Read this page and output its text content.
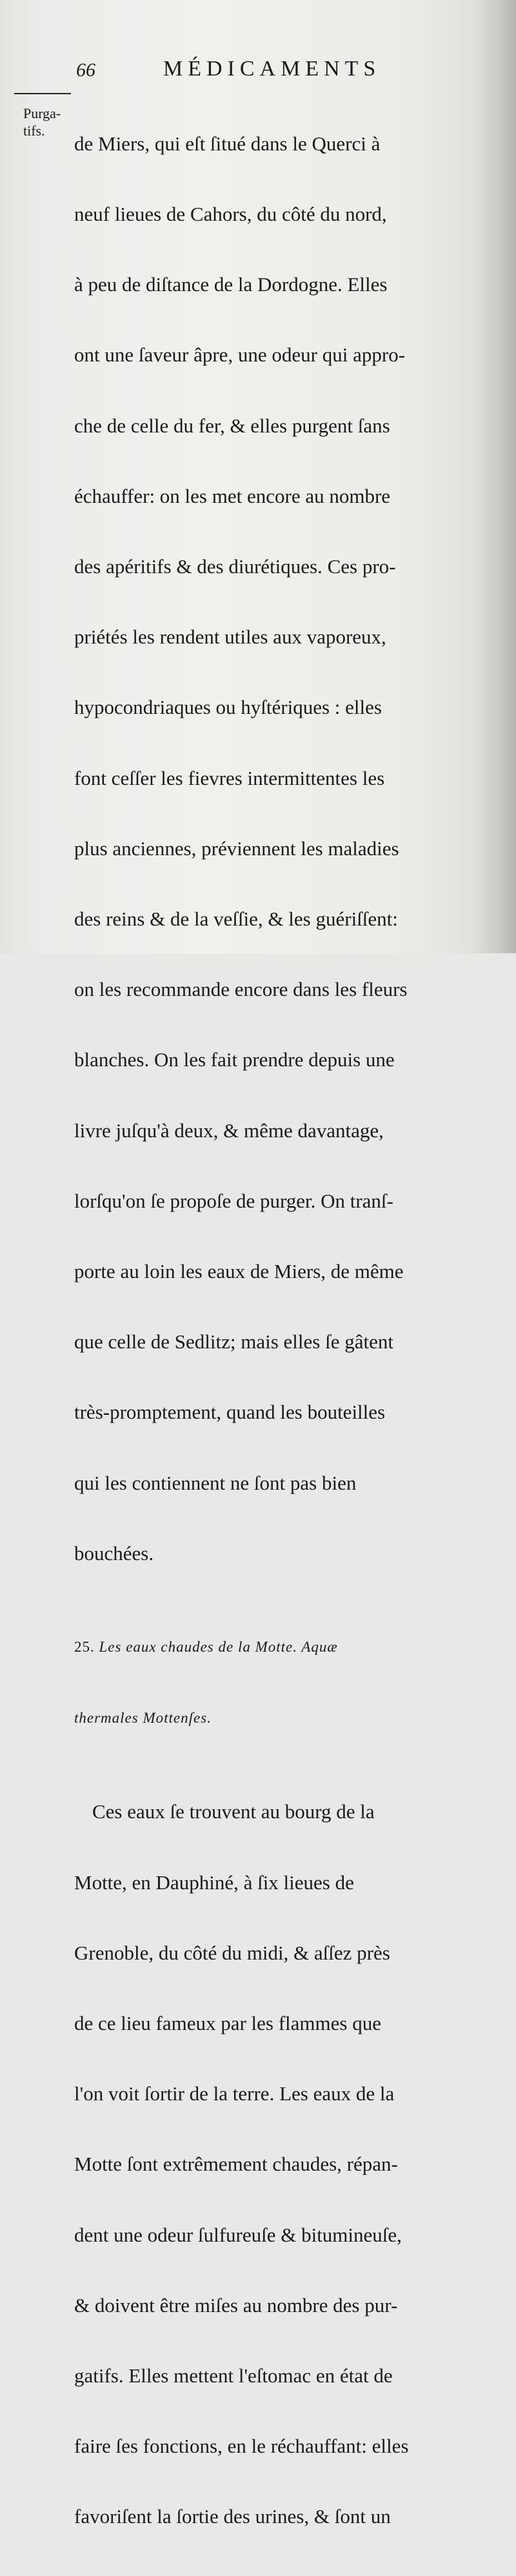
66	MÉDICAMENTS
Purga-
tifs.

de Miers, qui eſt ſitué dans le Querci à

neuf lieues de Cahors, du côté du nord,

à peu de diſtance de la Dordogne. Elles

ont une ſaveur âpre, une odeur qui appro-

che de celle du fer, & elles purgent ſans

échauffer: on les met encore au nombre

des apéritifs & des diurétiques. Ces pro-

priétés les rendent utiles aux vaporeux,

hypocondriaques ou hyſtériques : elles

font ceſſer les fievres intermittentes les

plus anciennes, préviennent les maladies

des reins & de la veſſie, & les guériſſent:

on les recommande encore dans les fleurs

blanches. On les fait prendre depuis une

livre juſqu'à deux, & même davantage,

lorſqu'on ſe propoſe de purger. On tranſ-

porte au loin les eaux de Miers, de même

que celle de Sedlitz; mais elles ſe gâtent

très-promptement, quand les bouteilles

qui les contiennent ne ſont pas bien

bouchées.

25. Les eaux chaudes de la Motte. Aquæ

thermales Mottenſes.

Ces eaux ſe trouvent au bourg de la

Motte, en Dauphiné, à ſix lieues de

Grenoble, du côté du midi, & aſſez près

de ce lieu fameux par les flammes que

l'on voit ſortir de la terre. Les eaux de la

Motte ſont extrêmement chaudes, répan-

dent une odeur ſulfureuſe & bitumineuſe,

& doivent être miſes au nombre des pur-

gatifs. Elles mettent l'eſtomac en état de

faire ſes fonctions, en le réchauffant: elles

favoriſent la ſortie des urines, & ſont un
